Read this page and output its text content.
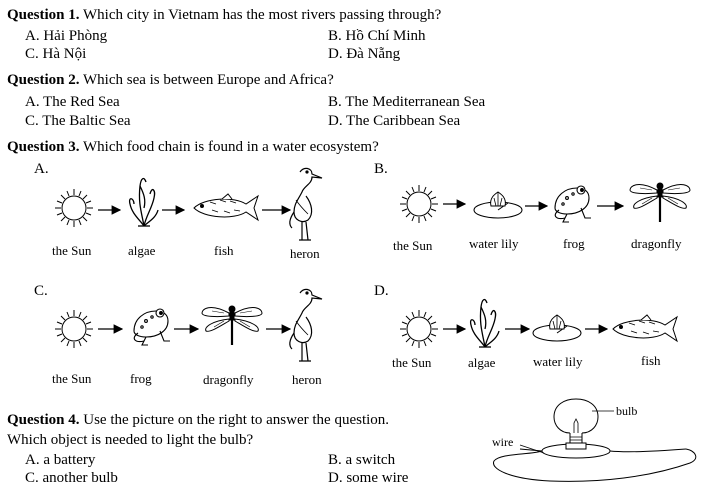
Question 1. Which city in Vietnam has the most rivers passing through?
A. Hải Phòng	B. Hồ Chí Minh
C. Hà Nội	D. Đà Nẵng
Question 2. Which sea is between Europe and Africa?
A. The Red Sea	B. The Mediterranean Sea
C. The Baltic Sea	D. The Caribbean Sea
Question 3. Which food chain is found in a water ecosystem?
A.	B.
C.	D.
the Sun	algae	fish	heron
the Sun	water lily	frog	dragonfly
the Sun	frog	dragonfly	heron
the Sun	algae	water lily	fish
Question 4. Use the picture on the right to answer the question.
Which object is needed to light the bulb?
A. a battery	B. a switch
C. another bulb	D. some wire
bulb
wire
